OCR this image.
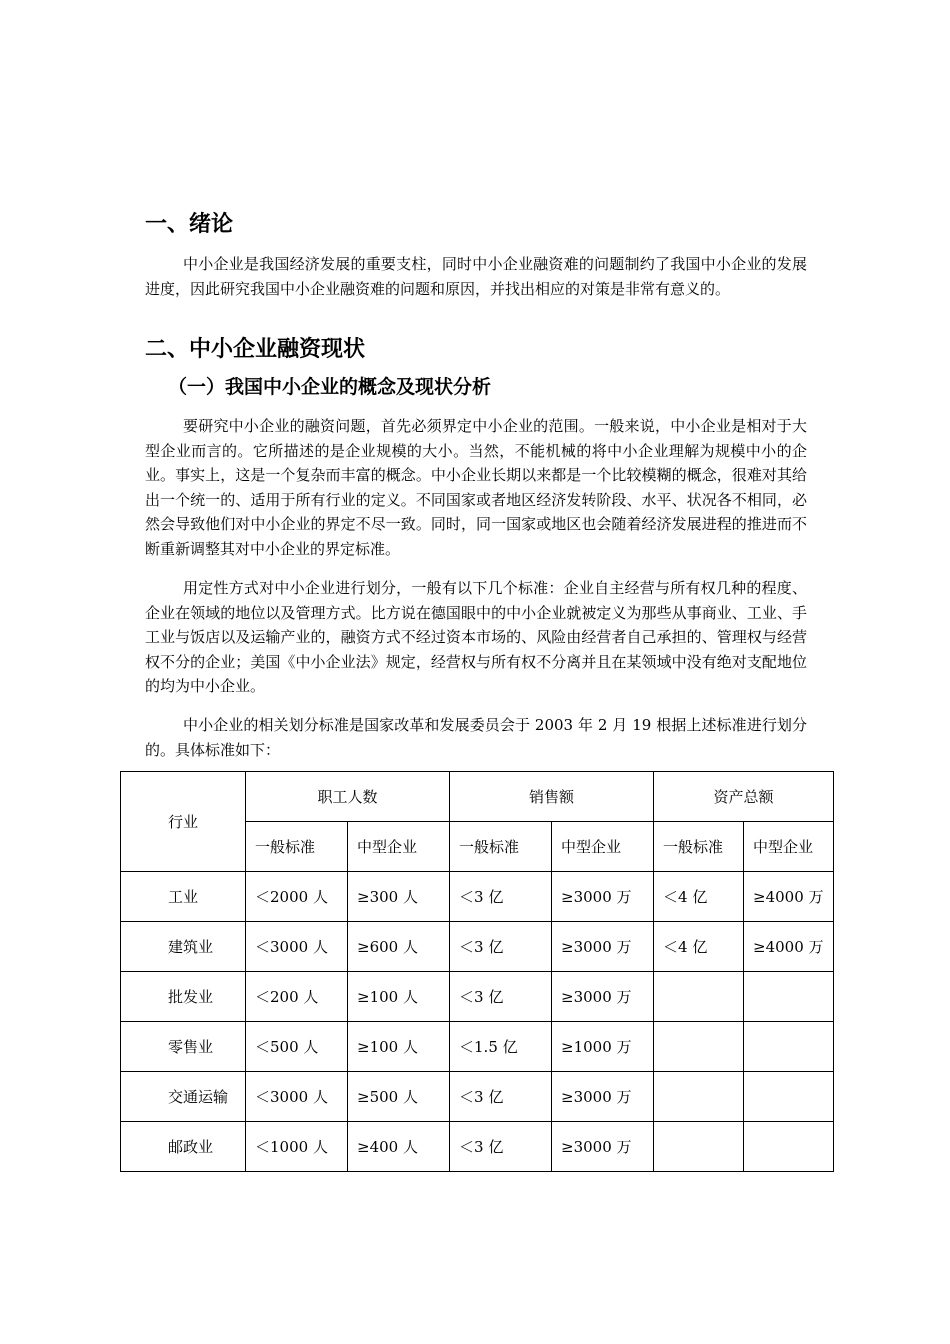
一、绪论

中小企业是我国经济发展的重要支柱，同时中小企业融资难的问题制约了我国中小企业的发展进度，因此研究我国中小企业融资难的问题和原因，并找出相应的对策是非常有意义的。

二、中小企业融资现状
（一）我国中小企业的概念及现状分析

要研究中小企业的融资问题，首先必须界定中小企业的范围。一般来说，中小企业是相对于大型企业而言的。它所描述的是企业规模的大小。当然，不能机械的将中小企业理解为规模中小的企业。事实上，这是一个复杂而丰富的概念。中小企业长期以来都是一个比较模糊的概念，很难对其给出一个统一的、适用于所有行业的定义。不同国家或者地区经济发转阶段、水平、状况各不相同，必然会导致他们对中小企业的界定不尽一致。同时，同一国家或地区也会随着经济发展进程的推进而不断重新调整其对中小企业的界定标准。

用定性方式对中小企业进行划分，一般有以下几个标准：企业自主经营与所有权几种的程度、企业在领域的地位以及管理方式。比方说在德国眼中的中小企业就被定义为那些从事商业、工业、手工业与饭店以及运输产业的，融资方式不经过资本市场的、风险由经营者自己承担的、管理权与经营权不分的企业；美国《中小企业法》规定，经营权与所有权不分离并且在某领域中没有绝对支配地位的均为中小企业。

中小企业的相关划分标准是国家改革和发展委员会于 2003 年 2 月 19 根据上述标准进行划分的。具体标准如下：

行业	职工人数		销售额		资产总额	
	一般标准	中型企业	一般标准	中型企业	一般标准	中型企业
工业	＜2000 人	≥300 人	＜3 亿	≥3000 万	＜4 亿	≥4000 万
建筑业	＜3000 人	≥600 人	＜3 亿	≥3000 万	＜4 亿	≥4000 万
批发业	＜200 人	≥100 人	＜3 亿	≥3000 万		
零售业	＜500 人	≥100 人	＜1.5 亿	≥1000 万		
交通运输	＜3000 人	≥500 人	＜3 亿	≥3000 万		
邮政业	＜1000 人	≥400 人	＜3 亿	≥3000 万		
